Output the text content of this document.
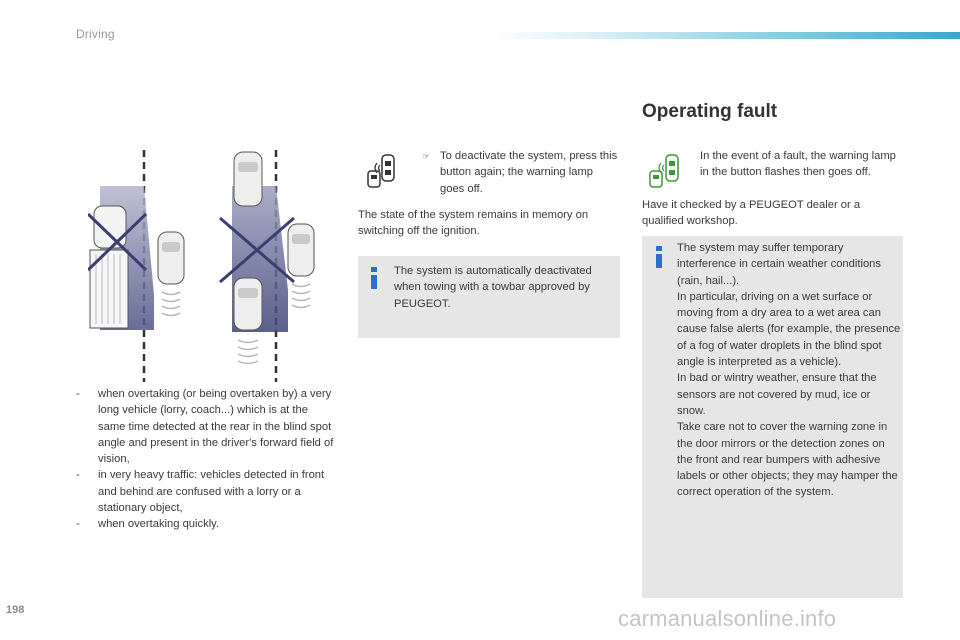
Driving
- when overtaking (or being overtaken by) a very long vehicle (lorry, coach...) which is at the same time detected at the rear in the blind spot angle and present in the driver's forward field of vision,
- in very heavy traffic: vehicles detected in front and behind are confused with a lorry or a stationary object,
- when overtaking quickly.
☞ To deactivate the system, press this button again; the warning lamp goes off.
The state of the system remains in memory on switching off the ignition.
The system is automatically deactivated when towing with a towbar approved by PEUGEOT.
Operating fault
In the event of a fault, the warning lamp in the button flashes then goes off.
Have it checked by a PEUGEOT dealer or a qualified workshop.

The system may suffer temporary interference in certain weather conditions (rain, hail...).

In particular, driving on a wet surface or moving from a dry area to a wet area can cause false alerts (for example, the presence of a fog of water droplets in the blind spot angle is interpreted as a vehicle).

In bad or wintry weather, ensure that the sensors are not covered by mud, ice or snow.

Take care not to cover the warning zone in the door mirrors or the detection zones on the front and rear bumpers with adhesive labels or other objects; they may hamper the correct operation of the system.

198	carmanualsonline.info
